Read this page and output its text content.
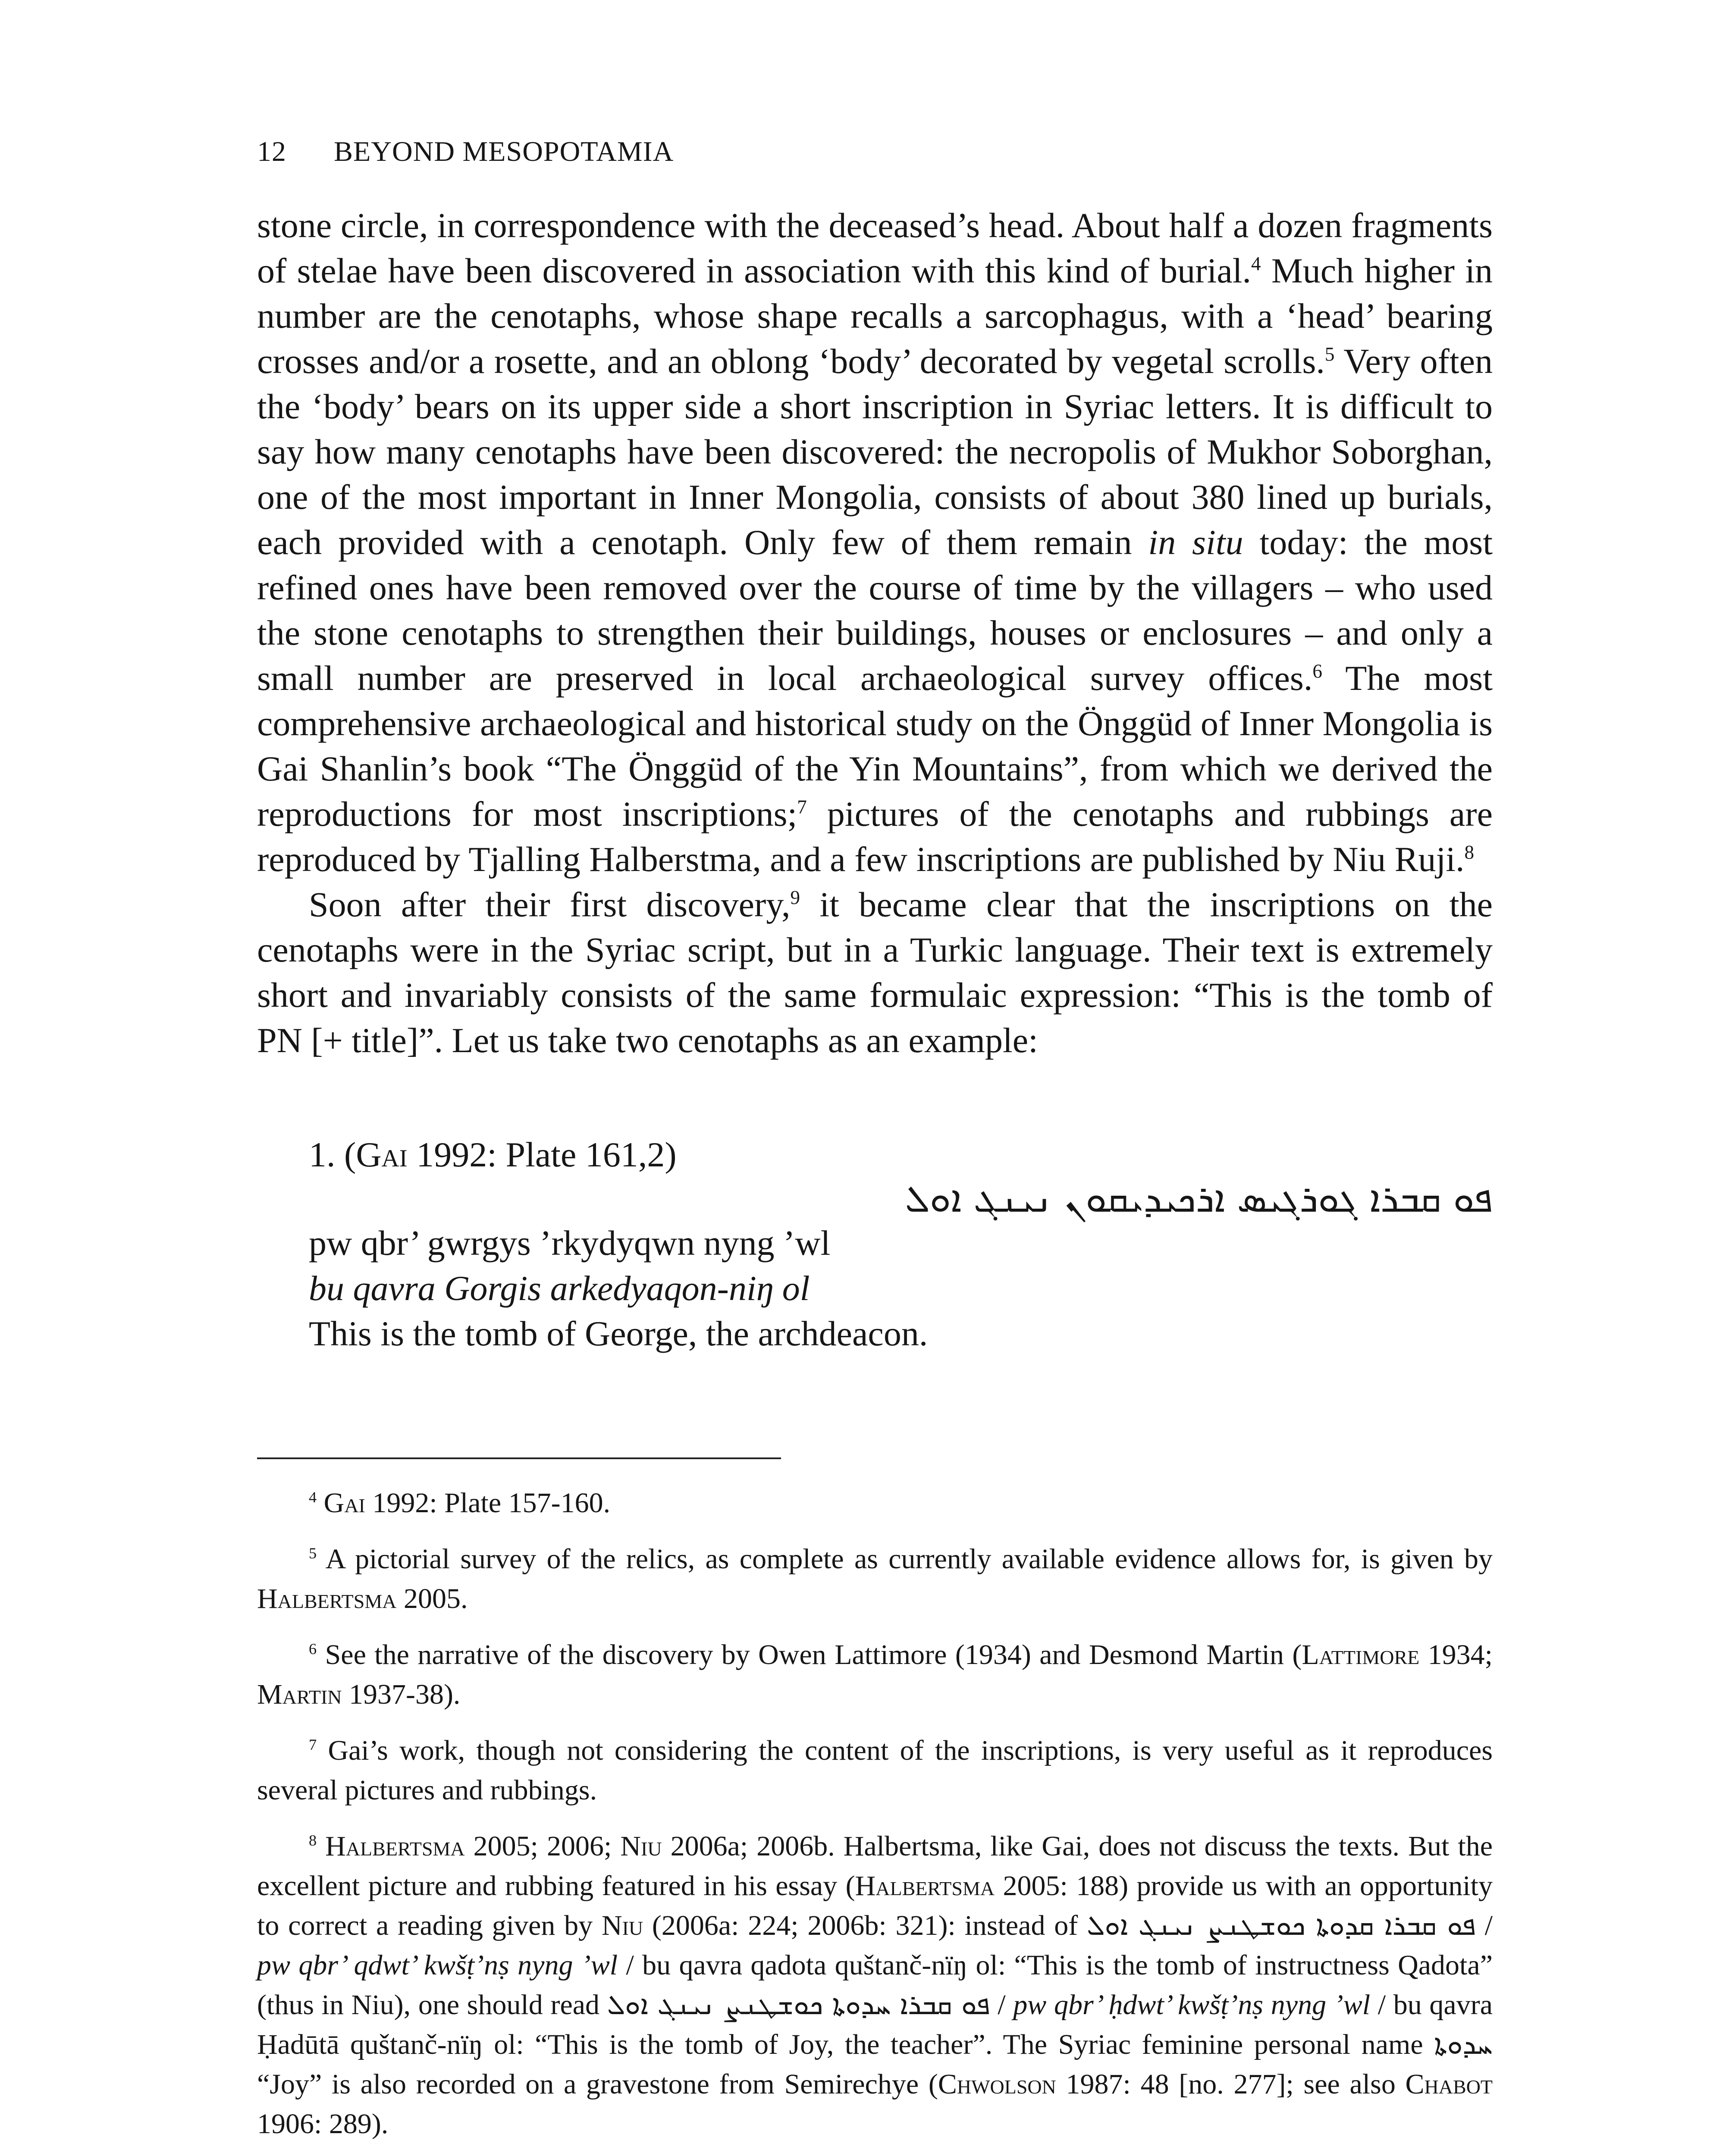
12 BEYOND MESOPOTAMIA

stone circle, in correspondence with the deceased’s head. About half a dozen fragments of stelae have been discovered in association with this kind of burial.$^4$ Much higher in number are the cenotaphs, whose shape recalls a sarcophagus, with a ‘head’ bearing crosses and/or a rosette, and an oblong ‘body’ decorated by vegetal scrolls.$^5$ Very often the ‘body’ bears on its upper side a short inscription in Syriac letters. It is difficult to say how many cenotaphs have been discovered: the necropolis of Mukhor Soborghan, one of the most important in Inner Mongolia, consists of about 380 lined up burials, each provided with a cenotaph. Only few of them remain in situ today: the most refined ones have been removed over the course of time by the villagers – who used the stone cenotaphs to strengthen their buildings, houses or enclosures – and only a small number are preserved in local archaeological survey offices.$^6$ The most comprehensive archaeological and historical study on the Önggüd of Inner Mongolia is Gai Shanlin’s book “The Önggüd of the Yin Mountains”, from which we derived the reproductions for most inscriptions;$^7$ pictures of the cenotaphs and rubbings are reproduced by Tjalling Halberstma, and a few inscriptions are published by Niu Ruji.$^8$

Soon after their first discovery,$^9$ it became clear that the inscriptions on the cenotaphs were in the Syriac script, but in a Turkic language. Their text is extremely short and invariably consists of the same formulaic expression: “This is the tomb of PN [+ title]”. Let us take two cenotaphs as an example:

1. (Gai 1992: Plate 161,2)

ܦܘ ܩܒܪܐ ܓܘܪܓܝܣ ܐܪܟܝܕܝܩܘܢ ܢܝܢܓ ܐܘܠ

pw qbr’ gwrgys ’rkydyqwn nyng ’wl

bu qavra Gorgis arkedyaqon-niŋ ol

This is the tomb of George, the archdeacon.

$^4$ Gai 1992: Plate 157-160.

$^5$ A pictorial survey of the relics, as complete as currently available evidence allows for, is given by Halbertsma 2005.

$^6$ See the narrative of the discovery by Owen Lattimore (1934) and Desmond Martin (Lattimore 1934; Martin 1937-38).

$^7$ Gai’s work, though not considering the content of the inscriptions, is very useful as it reproduces several pictures and rubbings.

$^8$ Halbertsma 2005; 2006; Niu 2006a; 2006b. Halbertsma, like Gai, does not discuss the texts. But the excellent picture and rubbing featured in his essay (Halbertsma 2005: 188) provide us with an opportunity to correct a reading given by Niu (2006a: 224; 2006b: 321): instead of ܦܘ ܩܒܪܐ ܩܕܘܬܐ ܟܘܫܛܢܨ ܢܝܢܓ ܐܘܠ / pw qbr’ qdwt’ kwšṭ’nṣ nyng ’wl / bu qavra qadota quštanč-nïŋ ol: “This is the tomb of instructness Qadota” (thus in Niu), one should read ܦܘ ܩܒܪܐ ܚܕܘܬܐ ܟܘܫܛܢܨ ܢܝܢܓ ܐܘܠ / pw qbr’ ḥdwt’ kwšṭ’nṣ nyng ’wl / bu qavra Ḥadūtā quštanč-nïŋ ol: “This is the tomb of Joy, the teacher”. The Syriac feminine personal name ܚܕܘܬܐ “Joy” is also recorded on a gravestone from Semirechye (Chwolson 1987: 48 [no. 277]; see also Chabot 1906: 289).
